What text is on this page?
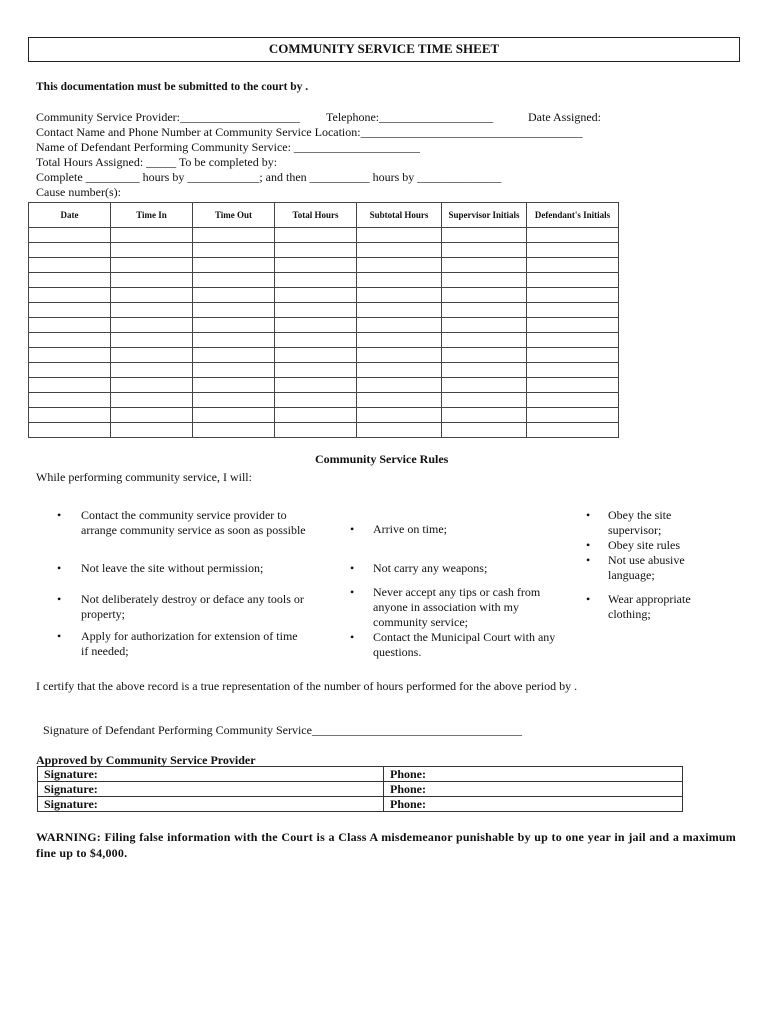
COMMUNITY SERVICE TIME SHEET
This documentation must be submitted to the court by .
Community Service Provider:____________________ Telephone:___________________	Date Assigned:
Contact Name and Phone Number at Community Service Location:_____________________________________
Name of Defendant Performing Community Service: _____________________
Total Hours Assigned: _____ To be completed by:
Complete _________ hours by ____________; and then __________ hours by ______________
Cause number(s):
Date	Time In	Time Out	Total Hours	Subtotal Hours	Supervisor Initials	Defendant's Initials

Community Service Rules
While performing community service, I will:
• Contact the community service provider to arrange community service as soon as possible
• Not leave the site without permission;
• Not deliberately destroy or deface any tools or property;
• Apply for authorization for extension of time if needed;
• Arrive on time;
• Not carry any weapons;
• Never accept any tips or cash from anyone in association with my community service;
• Contact the Municipal Court with any questions.
• Obey the site supervisor;
• Obey site rules
• Not use abusive language;
• Wear appropriate clothing;
I certify that the above record is a true representation of the number of hours performed for the above period by .
Signature of Defendant Performing Community Service___________________________________
Approved by Community Service Provider
Signature:	Phone:
Signature:	Phone:
Signature:	Phone:
WARNING: Filing false information with the Court is a Class A misdemeanor punishable by up to one year in jail and a maximum fine up to $4,000.
